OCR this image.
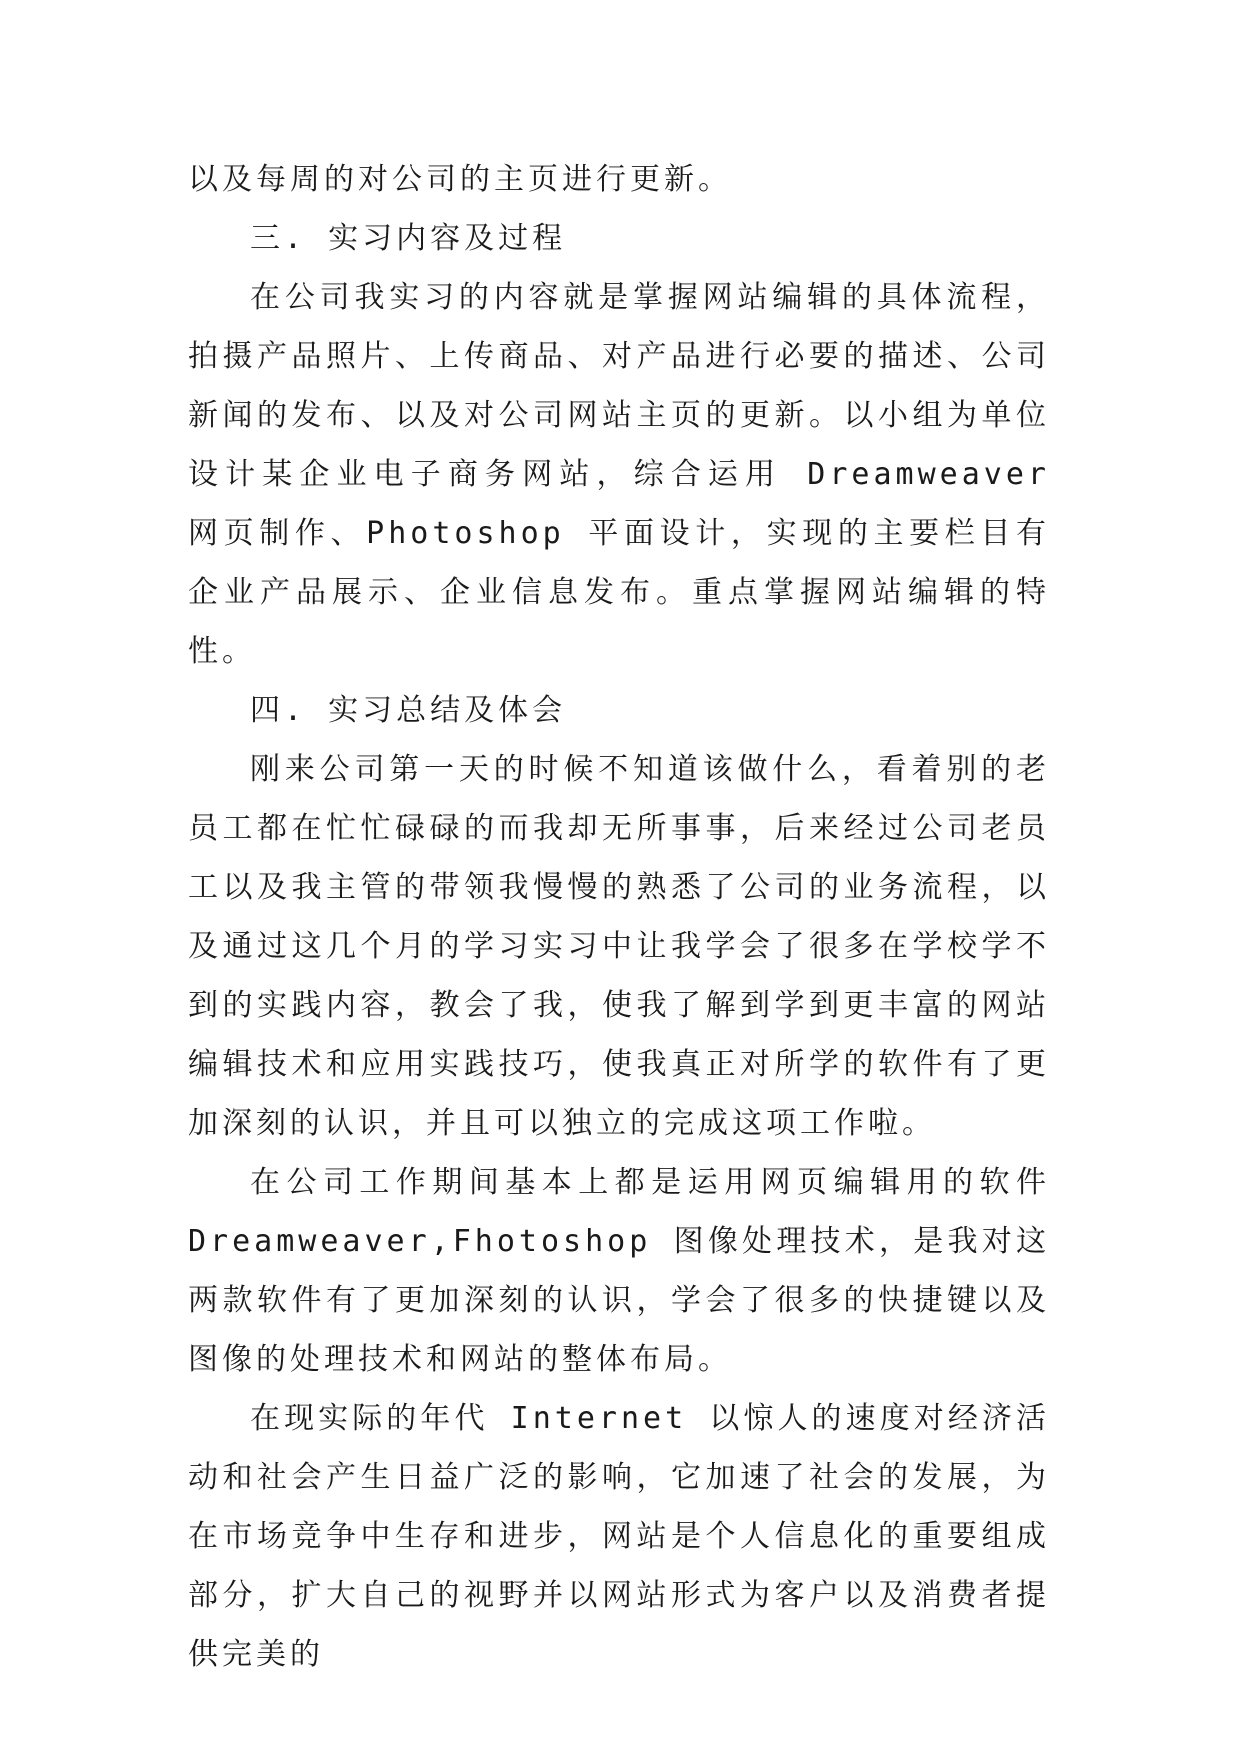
以及每周的对公司的主页进行更新。

三. 实习内容及过程

在公司我实习的内容就是掌握网站编辑的具体流程，拍摄产品照片、上传商品、对产品进行必要的描述、公司新闻的发布、以及对公司网站主页的更新。以小组为单位设计某企业电子商务网站，综合运用 Dreamweaver 网页制作、Photoshop 平面设计，实现的主要栏目有企业产品展示、企业信息发布。重点掌握网站编辑的特性。

四. 实习总结及体会

刚来公司第一天的时候不知道该做什么，看着别的老员工都在忙忙碌碌的而我却无所事事，后来经过公司老员工以及我主管的带领我慢慢的熟悉了公司的业务流程，以及通过这几个月的学习实习中让我学会了很多在学校学不到的实践内容，教会了我，使我了解到学到更丰富的网站编辑技术和应用实践技巧，使我真正对所学的软件有了更加深刻的认识，并且可以独立的完成这项工作啦。

在公司工作期间基本上都是运用网页编辑用的软件 Dreamweaver,Fhotoshop 图像处理技术，是我对这两款软件有了更加深刻的认识，学会了很多的快捷键以及图像的处理技术和网站的整体布局。

在现实际的年代 Internet 以惊人的速度对经济活动和社会产生日益广泛的影响，它加速了社会的发展，为在市场竞争中生存和进步，网站是个人信息化的重要组成部分，扩大自己的视野并以网站形式为客户以及消费者提供完美的
